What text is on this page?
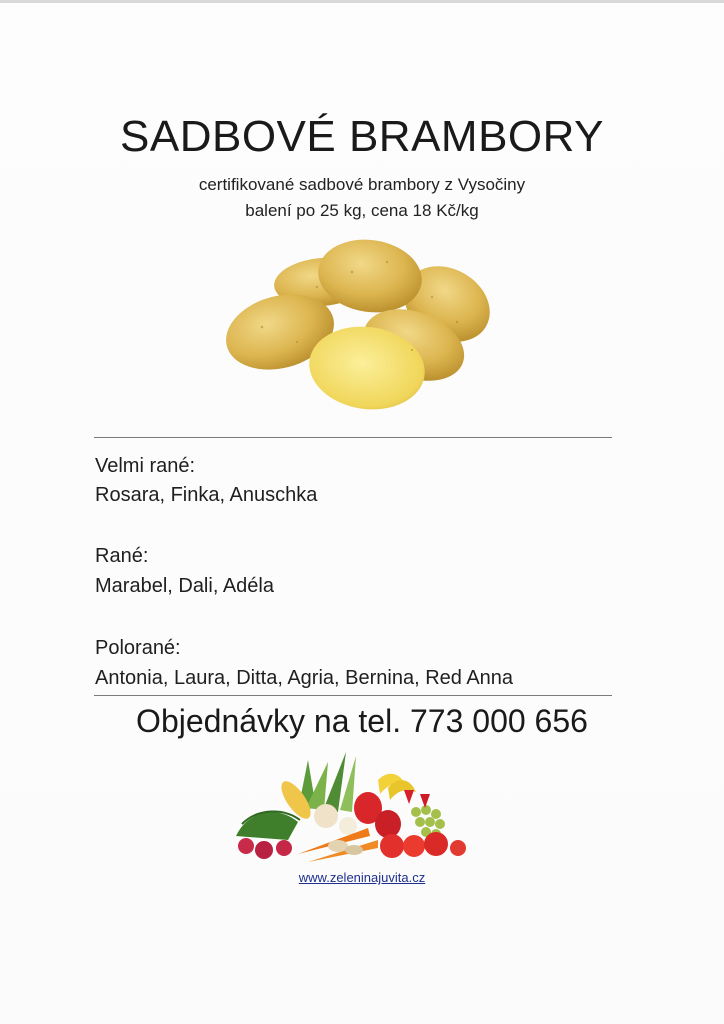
SADBOVÉ BRAMBORY
certifikované sadbové brambory z Vysočiny
balení po 25 kg, cena 18 Kč/kg
Velmi rané:
Rosara, Finka, Anuschka
Rané:
Marabel, Dali, Adéla
Polorané:
Antonia, Laura, Ditta, Agria, Bernina, Red Anna
Objednávky na tel. 773 000 656
www.zeleninajuvita.cz
